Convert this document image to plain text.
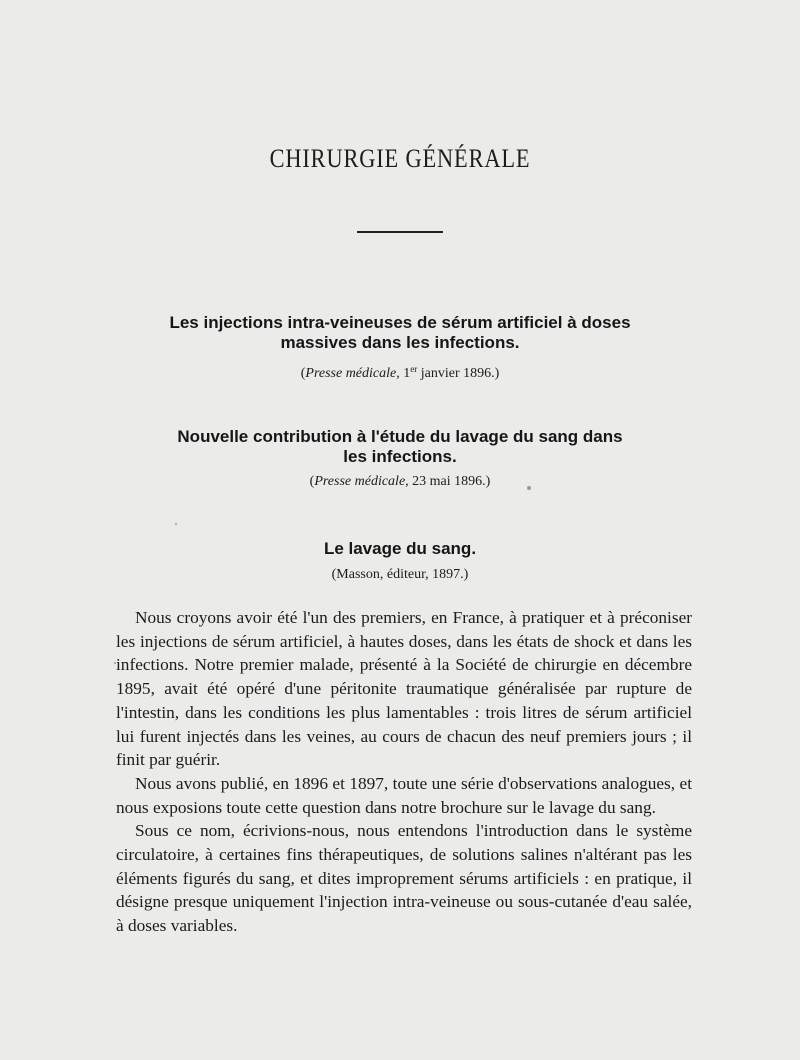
CHIRURGIE GÉNÉRALE
Les injections intra-veineuses de sérum artificiel à doses
massives dans les infections.
(Presse médicale, 1er janvier 1896.)
Nouvelle contribution à l'étude du lavage du sang dans
les infections.
(Presse médicale, 23 mai 1896.)
Le lavage du sang.
(Masson, éditeur, 1897.)

Nous croyons avoir été l'un des premiers, en France, à pratiquer et à préconiser les injections de sérum artificiel, à hautes doses, dans les états de shock et dans les infections. Notre premier malade, présenté à la Société de chirurgie en décembre 1895, avait été opéré d'une péritonite traumatique généralisée par rupture de l'intestin, dans les conditions les plus lamentables : trois litres de sérum artificiel lui furent injectés dans les veines, au cours de chacun des neuf premiers jours ; il finit par guérir.

Nous avons publié, en 1896 et 1897, toute une série d'observations analogues, et nous exposions toute cette question dans notre brochure sur le lavage du sang.

Sous ce nom, écrivions-nous, nous entendons l'introduction dans le système circulatoire, à certaines fins thérapeutiques, de solutions salines n'altérant pas les éléments figurés du sang, et dites improprement sérums artificiels : en pratique, il désigne presque uniquement l'injection intra-veineuse ou sous-cutanée d'eau salée, à doses variables.
